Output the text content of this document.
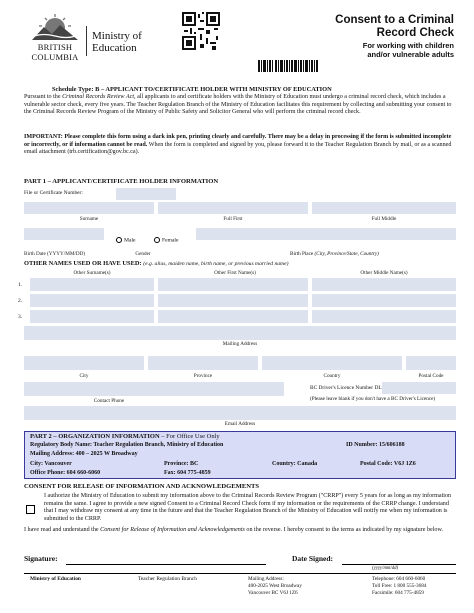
BRITISH
COLUMBIA
Ministry of
Education
Consent to a Criminal
Record Check
For working with children
and/or vulnerable adults
Schedule Type: B – APPLICANT TO/CERTIFICATE HOLDER WITH MINISTRY OF EDUCATION
Pursuant to the Criminal Records Review Act, all applicants to and certificate holders with the Ministry of Education must undergo a criminal record check, which includes a vulnerable sector check, every five years. The Teacher Regulation Branch of the Ministry of Education facilitates this requirement by collecting and submitting your consent to the Criminal Records Review Program of the Ministry of Public Safety and Solicitor General who will perform the criminal record check.
IMPORTANT: Please complete this form using a dark ink pen, printing clearly and carefully. There may be a delay in processing if the form is submitted incomplete or incorrectly, or if information cannot be read. When the form is completed and signed by you, please forward it to the Teacher Regulation Branch by mail, or as a scanned email attachment (trb.certification@gov.bc.ca).
PART 1 – APPLICANT/CERTIFICATE HOLDER INFORMATION
File or Certificate Number:
Surname	Full First	Full Middle
Male	Female
Birth Date (YYYY/MM/DD)	Gender	Birth Place (City, Province/State, Country)
OTHER NAMES USED OR HAVE USED: (e.g. alias, maiden name, birth name, or previous married name)
Other Surname(s)	Other First Name(s)	Other Middle Name(s)
1.
2.
3.
Mailing Address
City	Province	Country	Postal Code
BC Driver's Licence Number DL
Contact Phone	(Please leave blank if you don't have a BC Driver's Licence)
Email Address
PART 2 – ORGANIZATION INFORMATION – For Office Use Only
Regulatory Body Name: Teacher Regulation Branch, Ministry of Education	ID Number: 15/606188
Mailing Address: 400 – 2025 W Broadway
City: Vancouver	Province: BC	Country: Canada	Postal Code: V6J 1Z6
Office Phone: 604 660-6060	Fax: 604 775-4859
CONSENT FOR RELEASE OF INFORMATION AND ACKNOWLEDGEMENTS
I authorize the Ministry of Education to submit my information above to the Criminal Records Review Program ("CRRP") every 5 years for as long as my information remains the same. I agree to provide a new signed Consent to a Criminal Record Check form if my information or the requirements of the CRRP change. I understand that I may withdraw my consent at any time in the future and that the Teacher Regulation Branch of the Ministry of Education will notify me when my information is submitted to the CRRP.
I have read and understand the Consent for Release of Information and Acknowledgements on the reverse. I hereby consent to the terms as indicated by my signature below.
Signature:	Date Signed:
(yyyy/mm/dd)
Ministry of Education	Teacher Regulation Branch	Mailing Address:
400-2025 West Broadway
Vancouver BC V6J 1Z6
Telephone: 604 660-6060
Toll Free: 1 800 555-3684
Facsimile: 604 775-4859
